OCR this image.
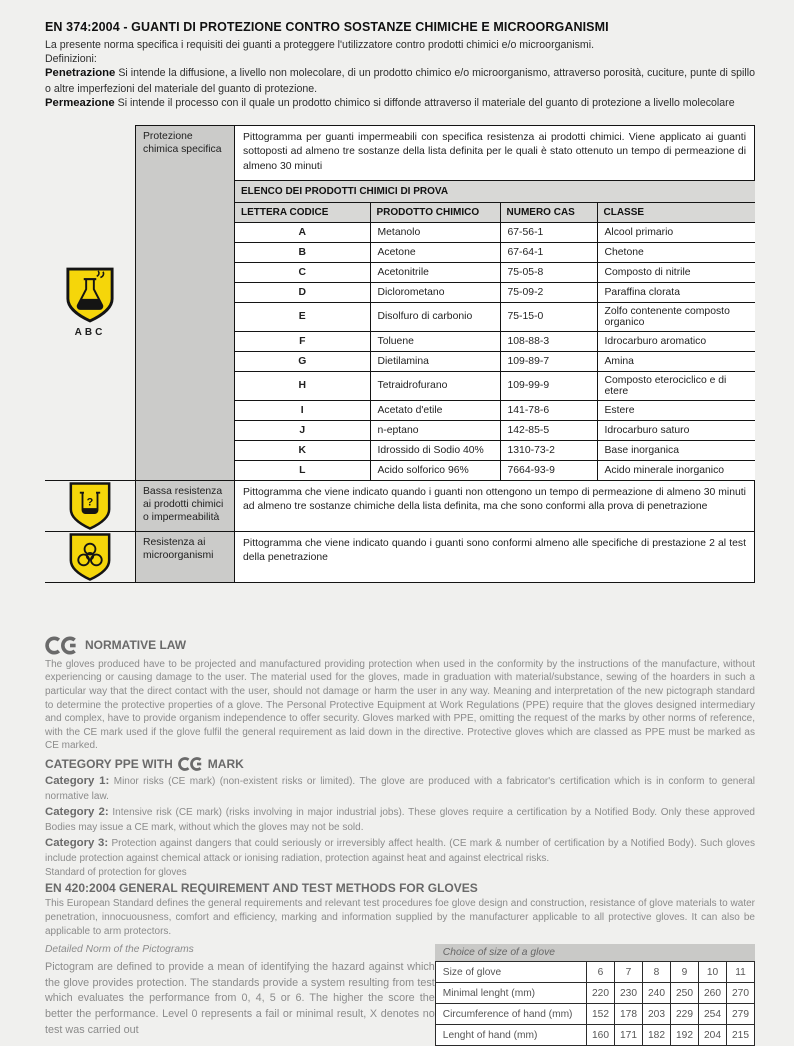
EN 374:2004 - GUANTI DI PROTEZIONE CONTRO SOSTANZE CHIMICHE E MICROORGANISMI

La presente norma specifica i requisiti dei guanti a proteggere l'utilizzatore contro prodotti chimici e/o microorganismi.

Definizioni:

Penetrazione Si intende la diffusione, a livello non molecolare, di un prodotto chimico e/o microorganismo, attraverso porosità, cuciture, punte di spillo o altre imperfezioni del materiale del guanto di protezione.

Permeazione Si intende il processo con il quale un prodotto chimico si diffonde attraverso il materiale del guanto di protezione a livello molecolare

ABC
Protezione chimica specifica

Pittogramma per guanti impermeabili con specifica resistenza ai prodotti chimici. Viene applicato ai guanti sottoposti ad almeno tre sostanze della lista definita per le quali è stato ottenuto un tempo di permeazione di almeno 30 minuti

ELENCO DEI PRODOTTI CHIMICI DI PROVA			
LETTERA CODICE	PRODOTTO CHIMICO	NUMERO CAS	CLASSE
A	Metanolo	67-56-1	Alcool primario
B	Acetone	67-64-1	Chetone
C	Acetonitrile	75-05-8	Composto di nitrile
D	Diclorometano	75-09-2	Paraffina clorata
E	Disolfuro di carbonio	75-15-0	Zolfo contenente composto organico
F	Toluene	108-88-3	Idrocarburo aromatico
G	Dietilamina	109-89-7	Amina
H	Tetraidrofurano	109-99-9	Composto eterociclico e di etere
I	Acetato d'etile	141-78-6	Estere
J	n-eptano	142-85-5	Idrocarburo saturo
K	Idrossido di Sodio 40%	1310-73-2	Base inorganica
L	Acido solforico 96%	7664-93-9	Acido minerale inorganico
?
Bassa resistenza ai prodotti chimici o impermeabilità

Pittogramma che viene indicato quando i guanti non ottengono un tempo di permeazione di almeno 30 minuti ad almeno tre sostanze chimiche della lista definita, ma che sono conformi alla prova di penetrazione

Resistenza ai microorganismi

Pittogramma che viene indicato quando i guanti sono conformi almeno alle specifiche di prestazione 2 al test della penetrazione

NORMATIVE LAW

The gloves produced have to be projected and manufactured providing protection when used in the conformity by the instructions of the manufacture, without experiencing or causing damage to the user. The material used for the gloves, made in graduation with material/substance, sewing of the hoarders in such a particular way that the direct contact with the user, should not damage or harm the user in any way. Meaning and interpretation of the new pictograph standard to determine the protective properties of a glove. The Personal Protective Equipment at Work Regulations (PPE) require that the gloves designed intermediary and complex, have to provide organism independence to offer security. Gloves marked with PPE, omitting the request of the marks by other norms of reference, with the CE mark used if the glove fulfil the general requirement as laid down in the directive. Protective gloves which are classed as PPE must be marked as CE marked.

CATEGORY PPE WITH	MARK

Category 1: Minor risks (CE mark) (non-existent risks or limited). The glove are produced with a fabricator's certification which is in conform to general normative law.

Category 2: Intensive risk (CE mark) (risks involving in major industrial jobs). These gloves require a certification by a Notified Body. Only these approved Bodies may issue a CE mark, without which the gloves may not be sold.

Category 3: Protection against dangers that could seriously or irreversibly affect health. (CE mark & number of certification by a Notified Body). Such gloves include protection against chemical attack or ionising radiation, protection against heat and against electrical risks.

Standard of protection for gloves

EN 420:2004 GENERAL REQUIREMENT AND TEST METHODS FOR GLOVES

This European Standard defines the general requirements and relevant test procedures foe glove design and construction, resistance of glove materials to water penetration, innocuousness, comfort and efficiency, marking and information supplied by the manufacturer applicable to all protective gloves. It can also be applicable to arm protectors.

Detailed Norm of the Pictograms

Pictogram are defined to provide a mean of identifying the hazard against which the glove provides protection. The standards provide a system resulting from test which evaluates the performance from 0, 4, 5 or 6. The higher the score the better the performance. Level 0 represents a fail or minimal result, X denotes no test was carried out

Choice of size of a glove
Size of glove	6	7	8	9	10	11
Minimal lenght (mm)	220	230	240	250	260	270
Circumference of hand (mm)	152	178	203	229	254	279
Lenght of hand (mm)	160	171	182	192	204	215
